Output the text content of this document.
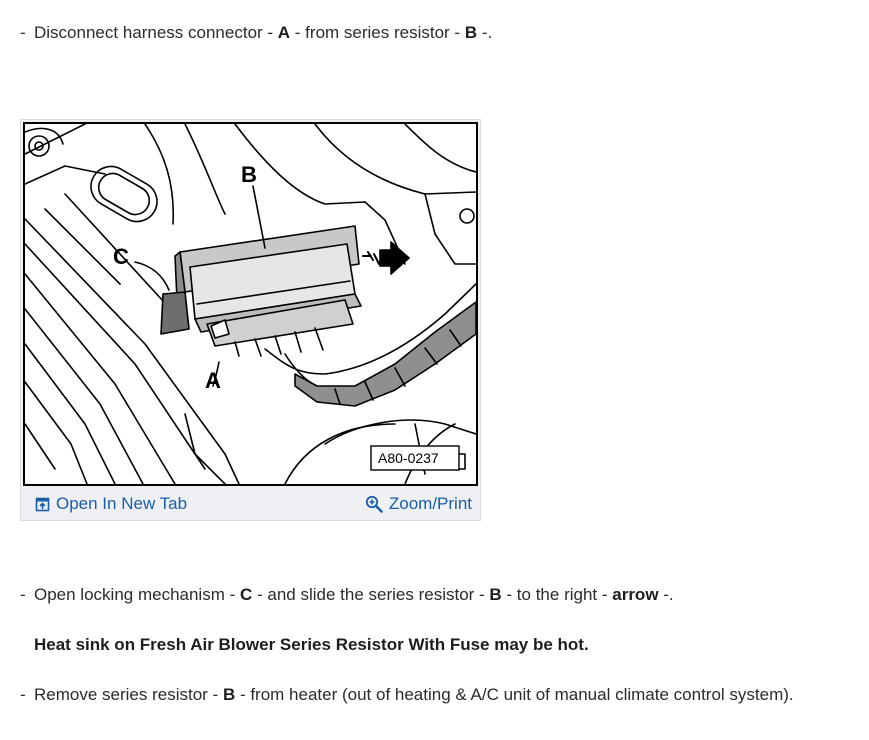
- Disconnect harness connector - A - from series resistor - B -.
B
C
A
A80-0237
Open In New Tab	Zoom/Print
- Open locking mechanism - C - and slide the series resistor - B - to the right - arrow -.
Heat sink on Fresh Air Blower Series Resistor With Fuse may be hot.
- Remove series resistor - B - from heater (out of heating & A/C unit of manual climate control system).
